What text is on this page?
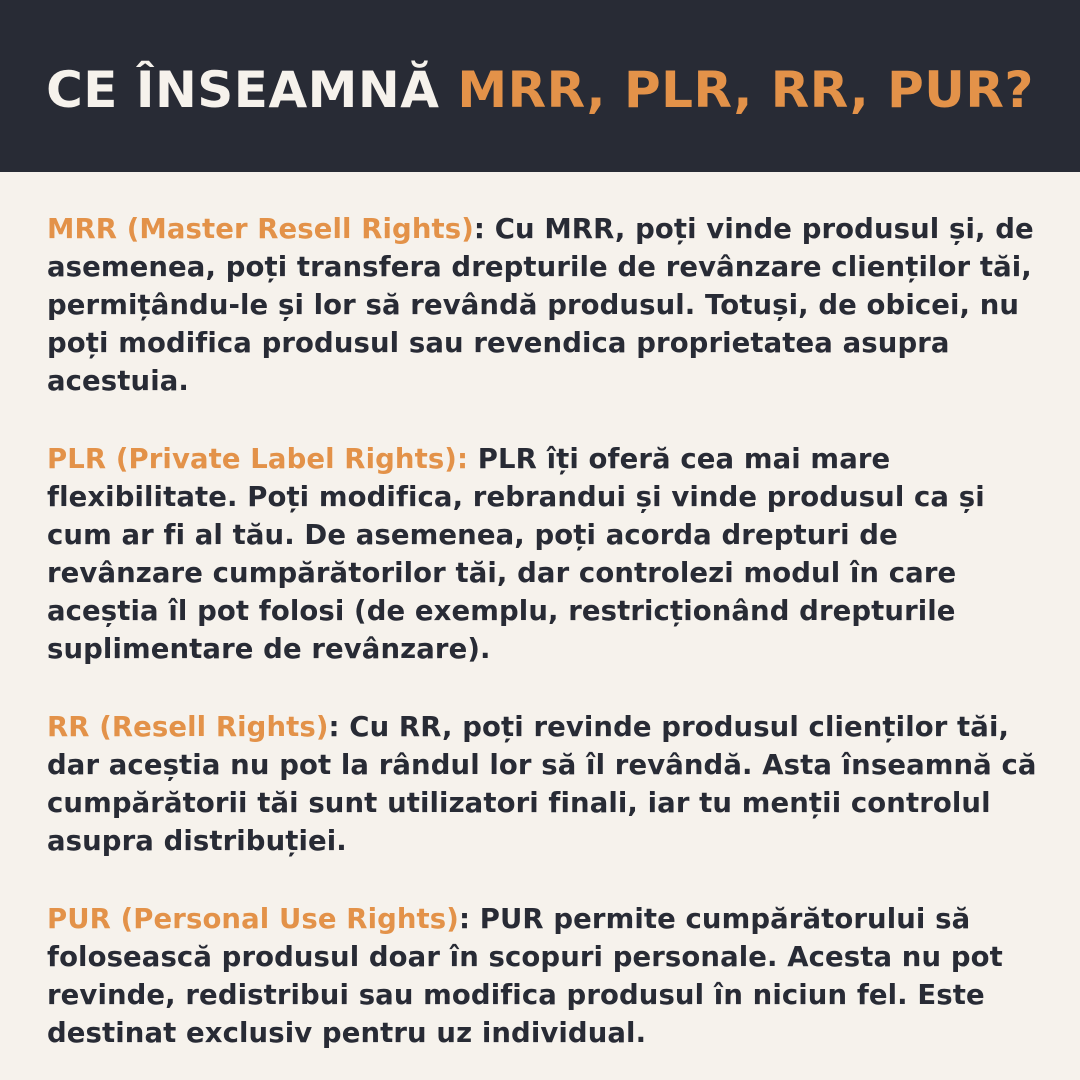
CE ÎNSEAMNĂ MRR, PLR, RR, PUR?

MRR (Master Resell Rights): Cu MRR, poți vinde produsul și, de asemenea, poți transfera drepturile de revânzare clienților tăi, permițându-le și lor să revândă produsul. Totuși, de obicei, nu poți modifica produsul sau revendica proprietatea asupra acestuia.

PLR (Private Label Rights): PLR îți oferă cea mai mare flexibilitate. Poți modifica, rebrandui și vinde produsul ca și cum ar fi al tău. De asemenea, poți acorda drepturi de revânzare cumpărătorilor tăi, dar controlezi modul în care aceștia îl pot folosi (de exemplu, restricționând drepturile suplimentare de revânzare).

RR (Resell Rights): Cu RR, poți revinde produsul clienților tăi, dar aceștia nu pot la rândul lor să îl revândă. Asta înseamnă că cumpărătorii tăi sunt utilizatori finali, iar tu menții controlul asupra distribuției.

PUR (Personal Use Rights): PUR permite cumpărătorului să folosească produsul doar în scopuri personale. Acesta nu pot revinde, redistribui sau modifica produsul în niciun fel. Este destinat exclusiv pentru uz individual.
